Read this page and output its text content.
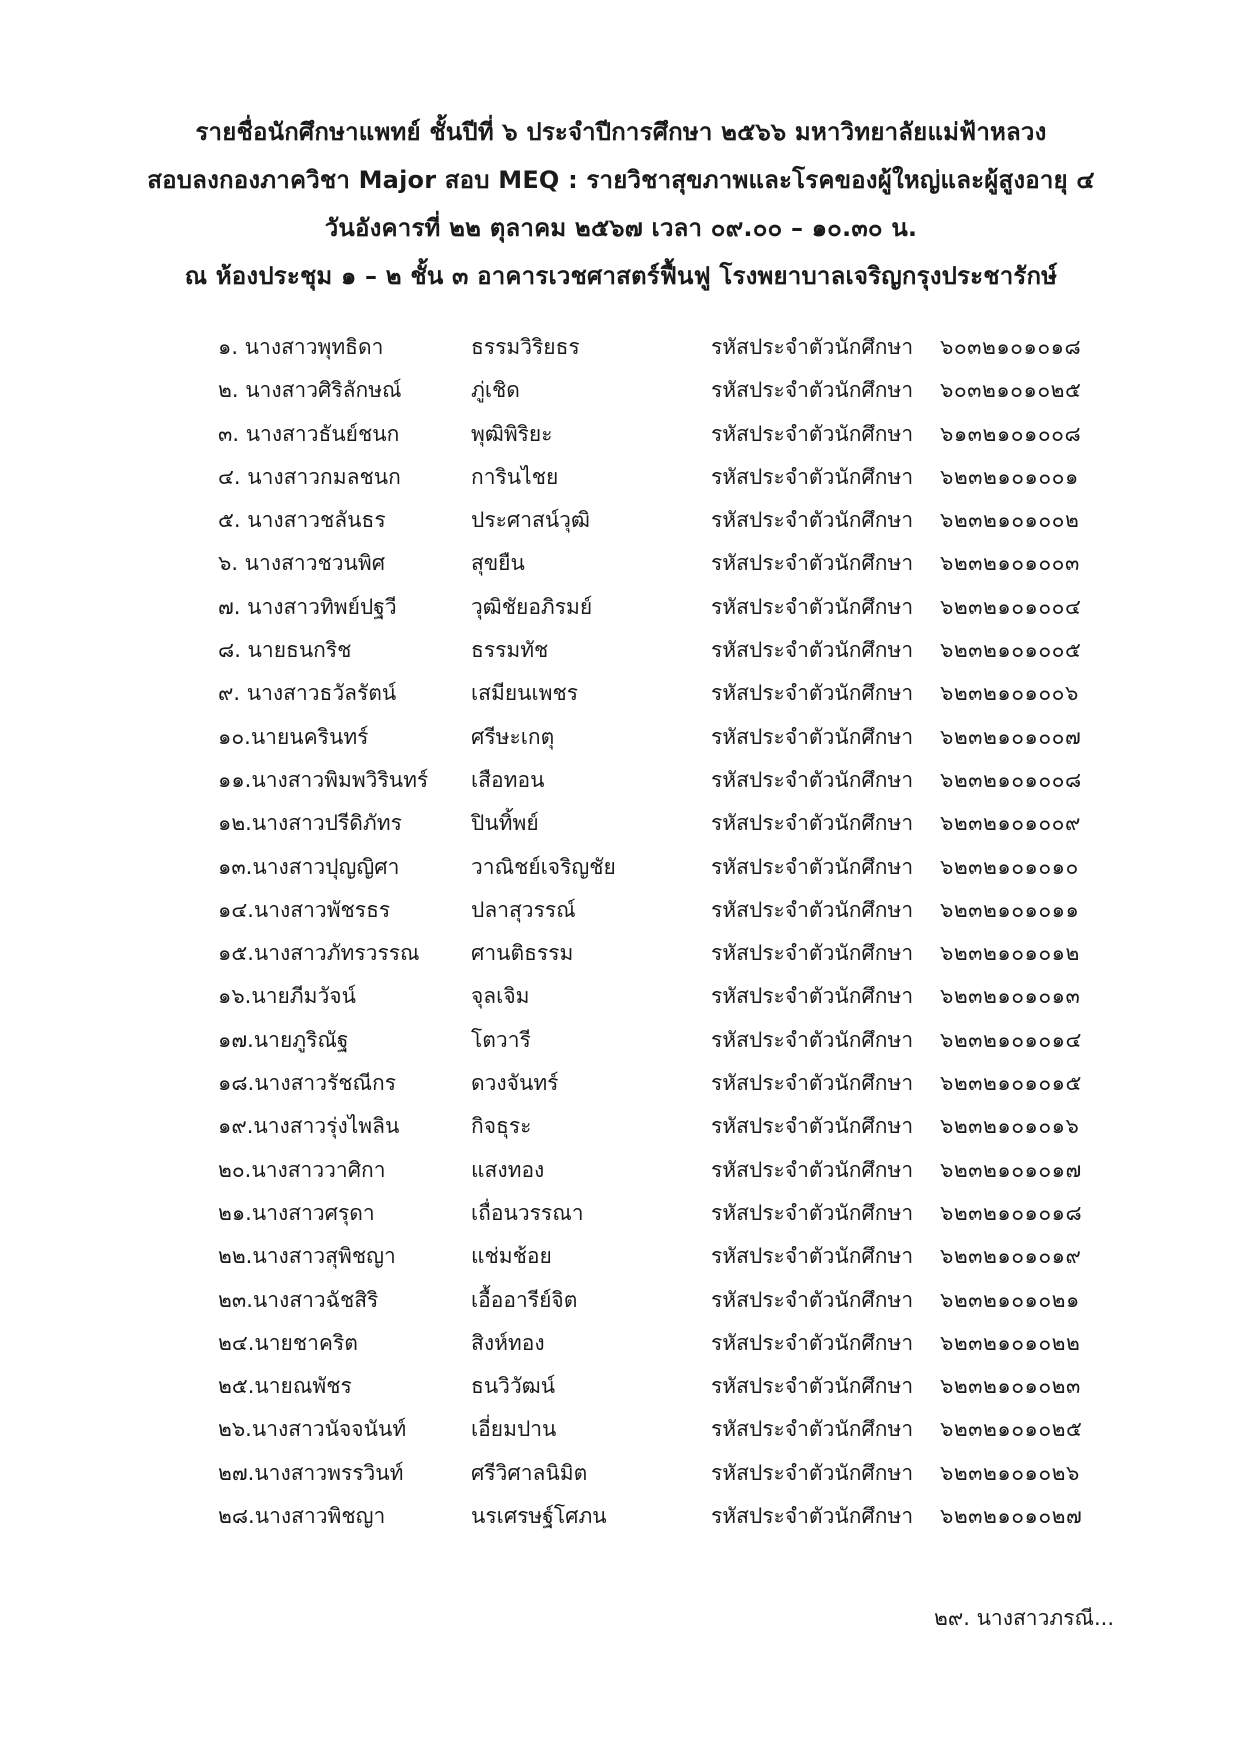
รายชื่อนักศึกษาแพทย์ ชั้นปีที่ ๖ ประจำปีการศึกษา ๒๕๖๖ มหาวิทยาลัยแม่ฟ้าหลวง
สอบลงกองภาควิชา Major สอบ MEQ : รายวิชาสุขภาพและโรคของผู้ใหญ่และผู้สูงอายุ ๔
วันอังคารที่ ๒๒ ตุลาคม ๒๕๖๗ เวลา ๐๙.๐๐ – ๑๐.๓๐ น.
ณ ห้องประชุม ๑ – ๒ ชั้น ๓ อาคารเวชศาสตร์ฟื้นฟู โรงพยาบาลเจริญกรุงประชารักษ์
๑. นางสาวพุทธิดา	ธรรมวิริยธร	รหัสประจำตัวนักศึกษา ๖๐๓๒๑๐๑๐๑๘
๒. นางสาวศิริลักษณ์	ภู่เชิด	รหัสประจำตัวนักศึกษา ๖๐๓๒๑๐๑๐๒๕
๓. นางสาวธันย์ชนก	พุฒิพิริยะ	รหัสประจำตัวนักศึกษา ๖๑๓๒๑๐๑๐๐๘
๔. นางสาวกมลชนก	การินไชย	รหัสประจำตัวนักศึกษา ๖๒๓๒๑๐๑๐๐๑
๕. นางสาวชลันธร	ประศาสน์วุฒิ	รหัสประจำตัวนักศึกษา ๖๒๓๒๑๐๑๐๐๒
๖. นางสาวชวนพิศ	สุขยืน	รหัสประจำตัวนักศึกษา ๖๒๓๒๑๐๑๐๐๓
๗. นางสาวทิพย์ปฐวี	วุฒิชัยอภิรมย์	รหัสประจำตัวนักศึกษา ๖๒๓๒๑๐๑๐๐๔
๘. นายธนกริช	ธรรมทัช	รหัสประจำตัวนักศึกษา ๖๒๓๒๑๐๑๐๐๕
๙. นางสาวธวัลรัตน์	เสมียนเพชร	รหัสประจำตัวนักศึกษา ๖๒๓๒๑๐๑๐๐๖
๑๐.นายนครินทร์	ศรีษะเกตุ	รหัสประจำตัวนักศึกษา ๖๒๓๒๑๐๑๐๐๗
๑๑.นางสาวพิมพวิรินทร์ เสือทอน	รหัสประจำตัวนักศึกษา ๖๒๓๒๑๐๑๐๐๘
๑๒.นางสาวปรีดิภัทร	ปินทิ้พย์	รหัสประจำตัวนักศึกษา ๖๒๓๒๑๐๑๐๐๙
๑๓.นางสาวปุญญิศา	วาณิชย์เจริญชัย	รหัสประจำตัวนักศึกษา ๖๒๓๒๑๐๑๐๑๐
๑๔.นางสาวพัชรธร	ปลาสุวรรณ์	รหัสประจำตัวนักศึกษา ๖๒๓๒๑๐๑๐๑๑
๑๕.นางสาวภัทรวรรณ ศานติธรรม	รหัสประจำตัวนักศึกษา ๖๒๓๒๑๐๑๐๑๒
๑๖.นายภีมวัจน์	จุลเจิม	รหัสประจำตัวนักศึกษา ๖๒๓๒๑๐๑๐๑๓
๑๗.นายภูริณัฐ	โตวารี	รหัสประจำตัวนักศึกษา ๖๒๓๒๑๐๑๐๑๔
๑๘.นางสาวรัชณีกร	ดวงจันทร์	รหัสประจำตัวนักศึกษา ๖๒๓๒๑๐๑๐๑๕
๑๙.นางสาวรุ่งไพลิน	กิจธุระ	รหัสประจำตัวนักศึกษา ๖๒๓๒๑๐๑๐๑๖
๒๐.นางสาววาศิกา	แสงทอง	รหัสประจำตัวนักศึกษา ๖๒๓๒๑๐๑๐๑๗
๒๑.นางสาวศรุดา	เถื่อนวรรณา	รหัสประจำตัวนักศึกษา ๖๒๓๒๑๐๑๐๑๘
๒๒.นางสาวสุพิชญา	แช่มช้อย	รหัสประจำตัวนักศึกษา ๖๒๓๒๑๐๑๐๑๙
๒๓.นางสาวฉัชสิริ	เอื้ออารีย์จิต	รหัสประจำตัวนักศึกษา ๖๒๓๒๑๐๑๐๒๑
๒๔.นายชาคริต	สิงห์ทอง	รหัสประจำตัวนักศึกษา ๖๒๓๒๑๐๑๐๒๒
๒๕.นายณพัชร	ธนวิวัฒน์	รหัสประจำตัวนักศึกษา ๖๒๓๒๑๐๑๐๒๓
๒๖.นางสาวนัจจนันท์	เอี่ยมปาน	รหัสประจำตัวนักศึกษา ๖๒๓๒๑๐๑๐๒๕
๒๗.นางสาวพรรวินท์	ศรีวิศาลนิมิต	รหัสประจำตัวนักศึกษา ๖๒๓๒๑๐๑๐๒๖
๒๘.นางสาวพิชญา	นรเศรษฐ์โศภน	รหัสประจำตัวนักศึกษา ๖๒๓๒๑๐๑๐๒๗
๒๙. นางสาวภรณี...
